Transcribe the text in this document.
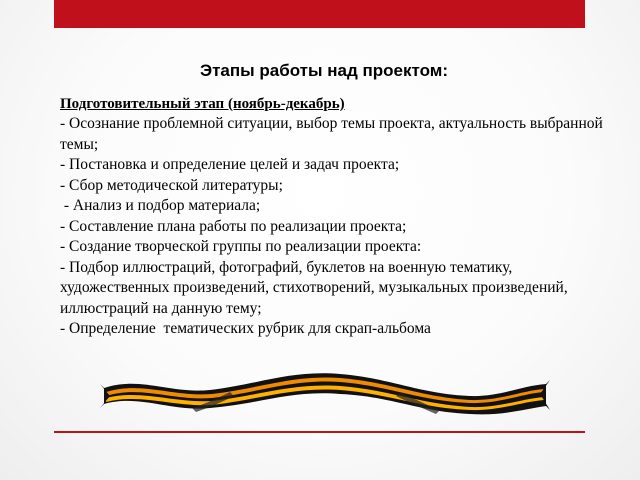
Этапы работы над проектом:

Подготовительный этап (ноябрь-декабрь)

- Осознание проблемной ситуации, выбор темы проекта, актуальность выбранной темы;

- Постановка и определение целей и задач проекта;

- Сбор методической литературы;

- Анализ и подбор материала;

- Составление плана работы по реализации проекта;

- Создание творческой группы по реализации проекта:

- Подбор иллюстраций, фотографий, буклетов на военную тематику, художественных произведений, стихотворений, музыкальных произведений, иллюстраций на данную тему;

- Определение  тематических рубрик для скрап-альбома
